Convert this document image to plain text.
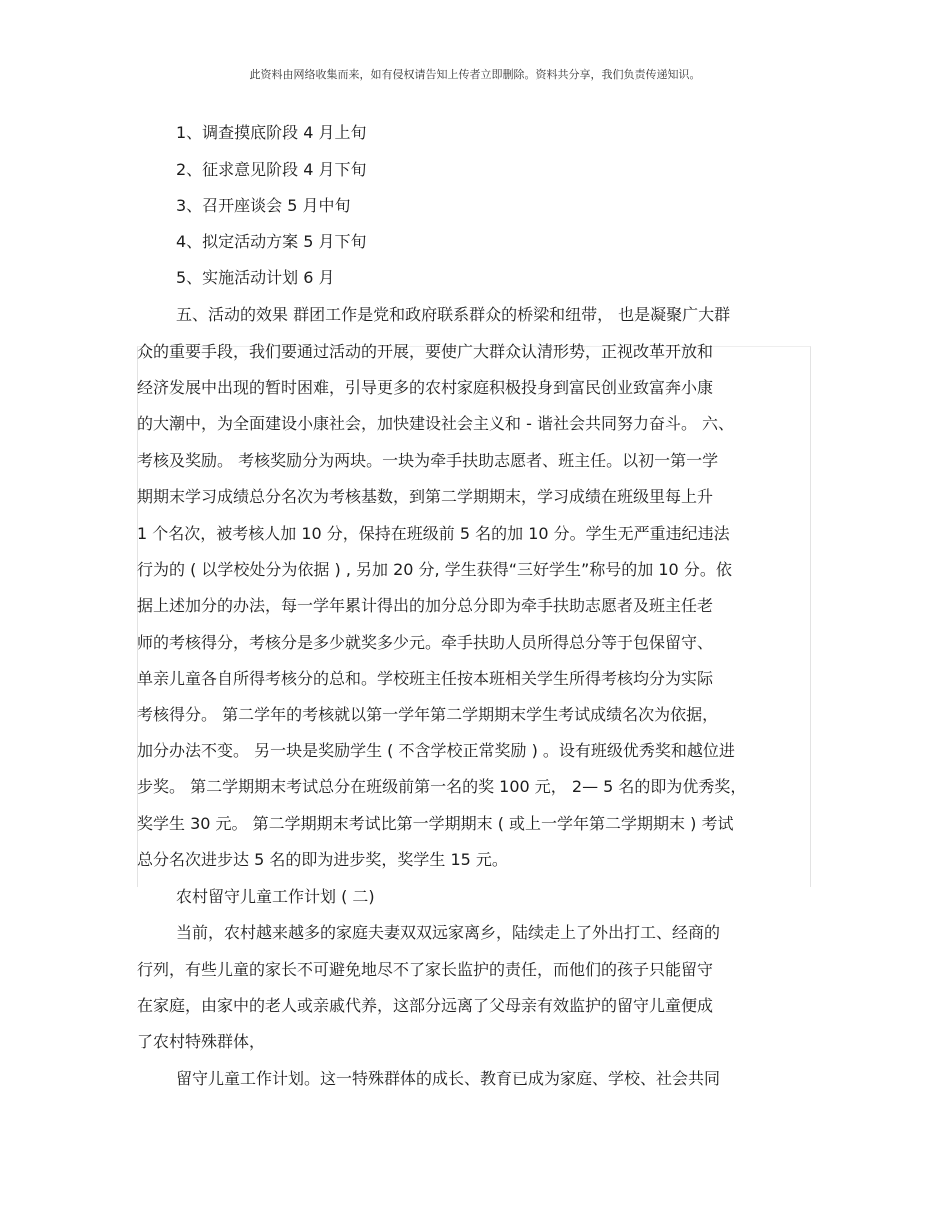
此资料由网络收集而来，如有侵权请告知上传者立即删除。资料共分享，我们负责传递知识。
1、调查摸底阶段 4 月上旬
2、征求意见阶段 4 月下旬
3、召开座谈会 5 月中旬
4、拟定活动方案 5 月下旬
5、实施活动计划 6 月
五、活动的效果 群团工作是党和政府联系群众的桥梁和纽带， 也是凝聚广大群
众的重要手段，我们要通过活动的开展，要使广大群众认清形势，正视改革开放和
经济发展中出现的暂时困难，引导更多的农村家庭积极投身到富民创业致富奔小康
的大潮中，为全面建设小康社会，加快建设社会主义和 - 谐社会共同努力奋斗。 六、
考核及奖励。 考核奖励分为两块。一块为牵手扶助志愿者、班主任。以初一第一学
期期末学习成绩总分名次为考核基数，到第二学期期末，学习成绩在班级里每上升
1 个名次，被考核人加 10 分，保持在班级前 5 名的加 10 分。学生无严重违纪违法
行为的 ( 以学校处分为依据 ) , 另加 20 分, 学生获得“三好学生”称号的加 10 分。依
据上述加分的办法，每一学年累计得出的加分总分即为牵手扶助志愿者及班主任老
师的考核得分，考核分是多少就奖多少元。牵手扶助人员所得总分等于包保留守、
单亲儿童各自所得考核分的总和。学校班主任按本班相关学生所得考核均分为实际
考核得分。 第二学年的考核就以第一学年第二学期期末学生考试成绩名次为依据，
加分办法不变。 另一块是奖励学生 ( 不含学校正常奖励 ) 。设有班级优秀奖和越位进
步奖。 第二学期期末考试总分在班级前第一名的奖 100 元， 2— 5 名的即为优秀奖，
奖学生 30 元。 第二学期期末考试比第一学期期末 ( 或上一学年第二学期期末 ) 考试
总分名次进步达 5 名的即为进步奖，奖学生 15 元。
农村留守儿童工作计划 ( 二)
当前，农村越来越多的家庭夫妻双双远家离乡，陆续走上了外出打工、经商的
行列，有些儿童的家长不可避免地尽不了家长监护的责任，而他们的孩子只能留守
在家庭，由家中的老人或亲戚代养，这部分远离了父母亲有效监护的留守儿童便成
了农村特殊群体，
留守儿童工作计划。这一特殊群体的成长、教育已成为家庭、学校、社会共同
